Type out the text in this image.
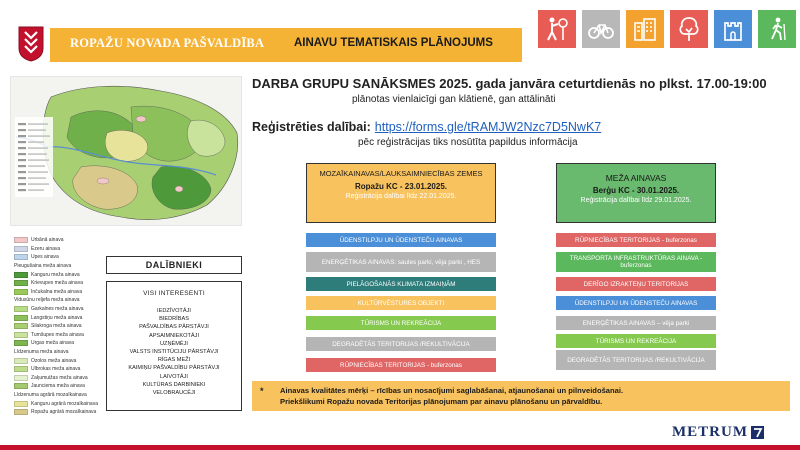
ROPAŽU NOVADA PAŠVALDĪBA	AINAVU TEMATISKAIS PLĀNOJUMS
Urbānā ainava
Ezeru ainava
Upes ainava
Pieugušaina meža ainava
Kanguru meža ainava
Krievupes meža ainava
Inčukalna meža ainava
Vidusūnu reljefa meža ainava
Garkalnes meža ainava
Langstiņu meža ainava
Silakroga meža ainava
Tumšupes meža ainava
Urgas meža ainava
Līdzenuma meža ainava
Ozolos meža ainava
Ulbrokas meža ainava
Zaķumuižas meža ainava
Jaunciema meža ainava
Līdzenuma agrārā mozaīkainava
Kanguru agrārā mozaīkainava
Ropažu agrārā mozaīkainava
DALĪBNIEKI
VISI INTERESENTI
IEDZĪVOTĀJI
BIEDRĪBAS
PAŠVALDĪBAS PĀRSTĀVJI
APSAIMNIEKOTĀJI
UZŅĒMĒJI
VALSTS INSTITŪCIJU PĀRSTĀVJI
RĪGAS MEŽI
KAIMIŅU PAŠVALDĪBU PĀRSTĀVJI
LAIVOTĀJI
KULTŪRAS DARBINIEKI
VELOBRAUCĒJI
DARBA GRUPU SANĀKSMES 2025. gada janvāra ceturtdienās no plkst. 17.00-19:00
plānotas vienlaicīgi gan klātienē, gan attālināti
Reģistrēties dalībai: https://forms.gle/tRAMJW2Nzc7D5NwK7
pēc reģistrācijas tiks nosūtīta papildus informācija
MOZAĪKAINAVAS/LAUKSAIMNIECĪBAS ZEMES
Ropažu KC - 23.01.2025.
Reģistrācija dalībai līdz 22.01.2025.
MEŽA AINAVAS
Berģu KC - 30.01.2025.
Reģistrācija dalībai līdz 29.01.2025.
ŪDENSTILPJU UN ŪDENSTEČU AINAVAS
ENERĢĒTIKAS AINAVAS: saules parki, vēja parki , HES
PIELĀGOŠANĀS KLIMATA IZMAIŅĀM
KULTŪRVĒSTURES OBJEKTI
TŪRISMS UN REKREĀCIJA
DEGRADĒTĀS TERITORIJAS /REKULTIVĀCIJA
RŪPNIECĪBAS TERITORIJAS - buferzonas
RŪPNIECĪBAS TERITORIJAS - buferzonas
TRANSPORTA INFRASTRUKTŪRAS AINAVA - buferzonas
DERĪGO IZRAKTEŅU TERITORIJAS
ŪDENSTILPJU UN ŪDENSTEČU AINAVAS
ENERĢĒTIKAS AINAVAS – vēja parki
TŪRISMS UN REKREĀCIJA
DEGRADĒTĀS TERITORIJAS /REKULTIVĀCIJA
* Ainavas kvalitātes mērķi – rīcības un nosacījumi saglabāšanai, atjaunošanai un pilnveidošanai.
Priekšlikumi Ropažu novada Teritorijas plānojumam par ainavu plānošanu un pārvaldību.
METRUM
